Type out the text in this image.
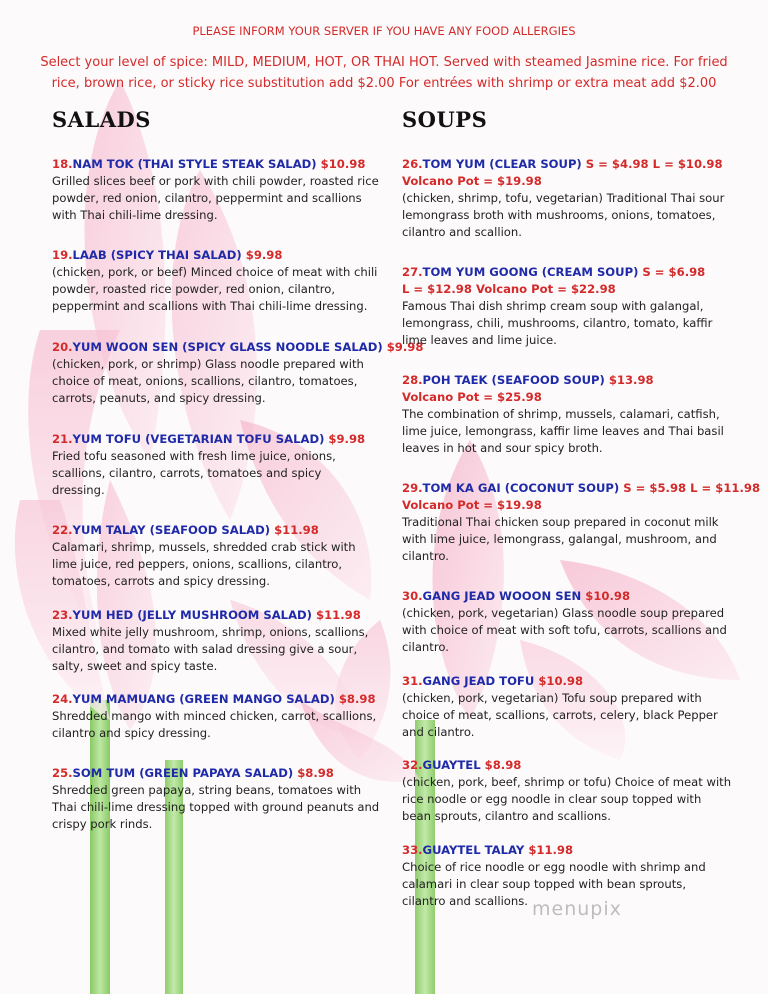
PLEASE INFORM YOUR SERVER IF YOU HAVE ANY FOOD ALLERGIES
Select your level of spice: MILD, MEDIUM, HOT, OR THAI HOT. Served with steamed Jasmine rice. For fried
rice, brown rice, or sticky rice substitution add $2.00 For entrées with shrimp or extra meat add $2.00
SALADS	SOUPS
18.NAM TOK (THAI STYLE STEAK SALAD) $10.98
Grilled slices beef or pork with chili powder, roasted rice powder, red onion, cilantro, peppermint and scallions with Thai chili-lime dressing.
19.LAAB (SPICY THAI SALAD) $9.98
(chicken, pork, or beef) Minced choice of meat with chili powder, roasted rice powder, red onion, cilantro, peppermint and scallions with Thai chili-lime dressing.
20.YUM WOON SEN (SPICY GLASS NOODLE SALAD) $9.98
(chicken, pork, or shrimp) Glass noodle prepared with choice of meat, onions, scallions, cilantro, tomatoes, carrots, peanuts, and spicy dressing.
21.YUM TOFU (VEGETARIAN TOFU SALAD) $9.98
Fried tofu seasoned with fresh lime juice, onions, scallions, cilantro, carrots, tomatoes and spicy dressing.
22.YUM TALAY (SEAFOOD SALAD) $11.98
Calamari, shrimp, mussels, shredded crab stick with lime juice, red peppers, onions, scallions, cilantro, tomatoes, carrots and spicy dressing.
23.YUM HED (JELLY MUSHROOM SALAD) $11.98
Mixed white jelly mushroom, shrimp, onions, scallions, cilantro, and tomato with salad dressing give a sour, salty, sweet and spicy taste.
24.YUM MAMUANG (GREEN MANGO SALAD) $8.98
Shredded mango with minced chicken, carrot, scallions, cilantro and spicy dressing.
25.SOM TUM (GREEN PAPAYA SALAD) $8.98
Shredded green papaya, string beans, tomatoes with Thai chili-lime dressing topped with ground peanuts and crispy pork rinds.
26.TOM YUM (CLEAR SOUP) S = $4.98 L = $10.98
Volcano Pot = $19.98
(chicken, shrimp, tofu, vegetarian) Traditional Thai sour lemongrass broth with mushrooms, onions, tomatoes, cilantro and scallion.
27.TOM YUM GOONG (CREAM SOUP) S = $6.98
L = $12.98 Volcano Pot = $22.98
Famous Thai dish shrimp cream soup with galangal, lemongrass, chili, mushrooms, cilantro, tomato, kaffir lime leaves and lime juice.
28.POH TAEK (SEAFOOD SOUP) $13.98
Volcano Pot = $25.98
The combination of shrimp, mussels, calamari, catfish, lime juice, lemongrass, kaffir lime leaves and Thai basil leaves in hot and sour spicy broth.
29.TOM KA GAI (COCONUT SOUP) S = $5.98 L = $11.98
Volcano Pot = $19.98
Traditional Thai chicken soup prepared in coconut milk with lime juice, lemongrass, galangal, mushroom, and cilantro.
30.GANG JEAD WOOON SEN $10.98
(chicken, pork, vegetarian) Glass noodle soup prepared with choice of meat with soft tofu, carrots, scallions and cilantro.
31.GANG JEAD TOFU $10.98
(chicken, pork, vegetarian) Tofu soup prepared with choice of meat, scallions, carrots, celery, black Pepper and cilantro.
32.GUAYTEL $8.98
(chicken, pork, beef, shrimp or tofu) Choice of meat with rice noodle or egg noodle in clear soup topped with bean sprouts, cilantro and scallions.
33.GUAYTEL TALAY $11.98
Choice of rice noodle or egg noodle with shrimp and calamari in clear soup topped with bean sprouts, cilantro and scallions. menupix
